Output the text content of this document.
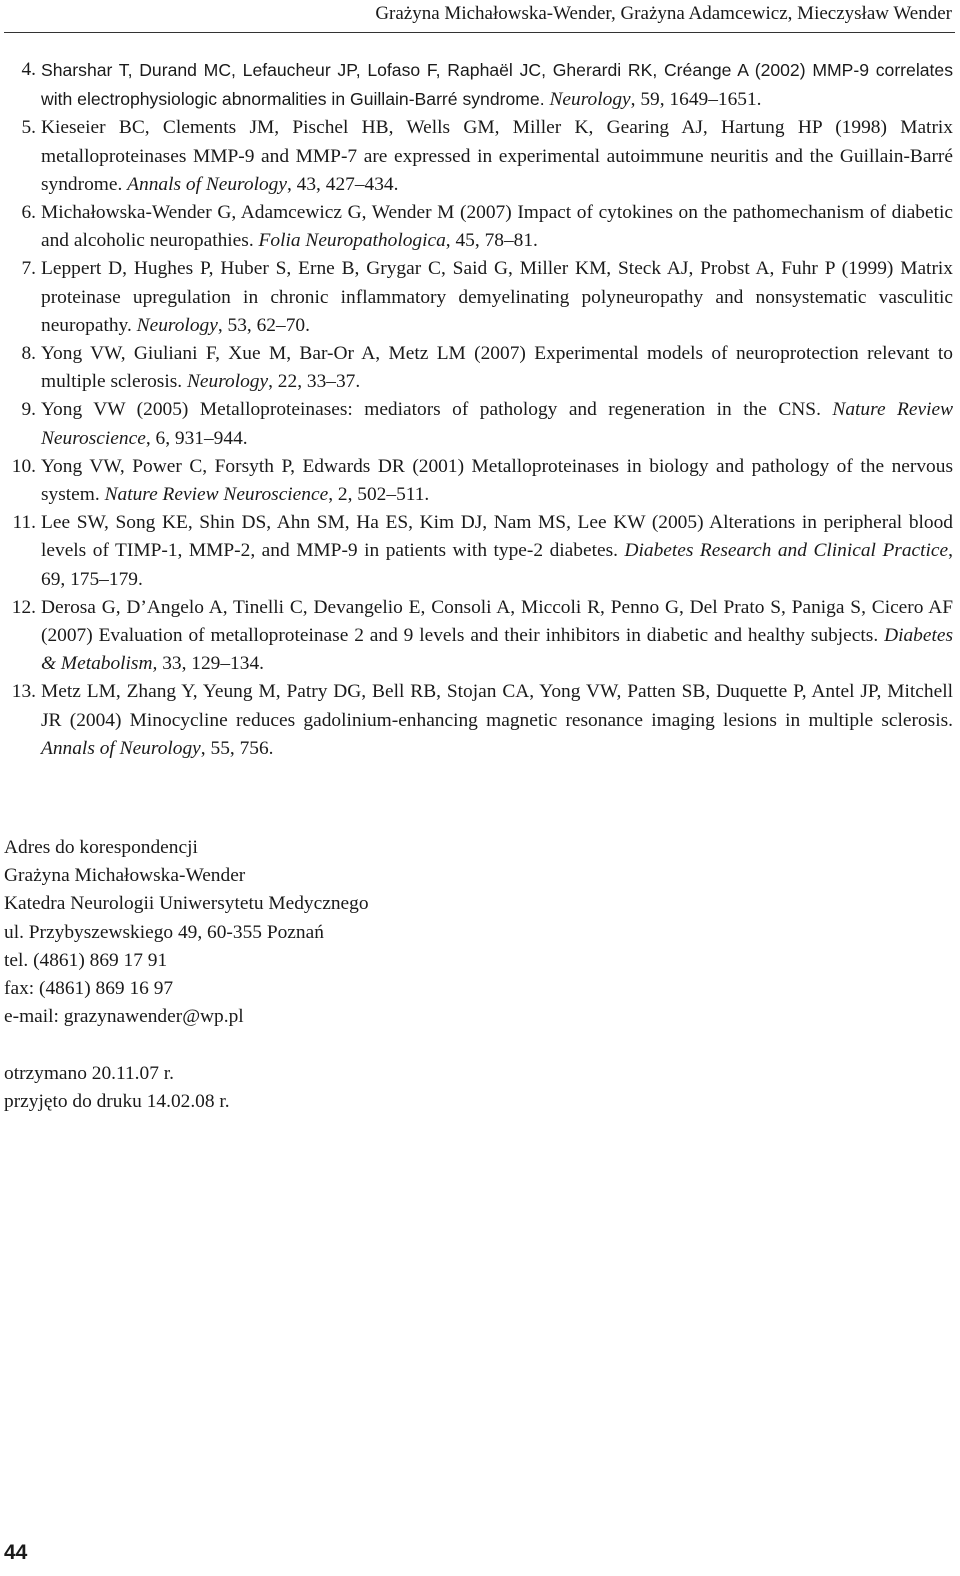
Grażyna Michałowska-Wender, Grażyna Adamcewicz, Mieczysław Wender
4. Sharshar T, Durand MC, Lefaucheur JP, Lofaso F, Raphaël JC, Gherardi RK, Créange A (2002) MMP-9 correlates with electrophysiologic abnormalities in Guillain-Barré syndrome. Neurology, 59, 1649–1651.
5. Kieseier BC, Clements JM, Pischel HB, Wells GM, Miller K, Gearing AJ, Hartung HP (1998) Matrix metalloproteinases MMP-9 and MMP-7 are expressed in experimental autoimmune neuritis and the Guillain-Barré syndrome. Annals of Neurology, 43, 427–434.
6. Michałowska-Wender G, Adamcewicz G, Wender M (2007) Impact of cytokines on the pathomechanism of diabetic and alcoholic neuropathies. Folia Neuropathologica, 45, 78–81.
7. Leppert D, Hughes P, Huber S, Erne B, Grygar C, Said G, Miller KM, Steck AJ, Probst A, Fuhr P (1999) Matrix proteinase upregulation in chronic inflammatory demyelinating polyneuropathy and nonsystematic vasculitic neuropathy. Neurology, 53, 62–70.
8. Yong VW, Giuliani F, Xue M, Bar-Or A, Metz LM (2007) Experimental models of neuroprotection relevant to multiple sclerosis. Neurology, 22, 33–37.
9. Yong VW (2005) Metalloproteinases: mediators of pathology and regeneration in the CNS. Nature Review Neuroscience, 6, 931–944.
10. Yong VW, Power C, Forsyth P, Edwards DR (2001) Metalloproteinases in biology and pathology of the nervous system. Nature Review Neuroscience, 2, 502–511.
11. Lee SW, Song KE, Shin DS, Ahn SM, Ha ES, Kim DJ, Nam MS, Lee KW (2005) Alterations in peripheral blood levels of TIMP-1, MMP-2, and MMP-9 in patients with type-2 diabetes. Diabetes Research and Clinical Practice, 69, 175–179.
12. Derosa G, D’Angelo A, Tinelli C, Devangelio E, Consoli A, Miccoli R, Penno G, Del Prato S, Paniga S, Cicero AF (2007) Evaluation of metalloproteinase 2 and 9 levels and their inhibitors in diabetic and healthy subjects. Diabetes & Metabolism, 33, 129–134.
13. Metz LM, Zhang Y, Yeung M, Patry DG, Bell RB, Stojan CA, Yong VW, Patten SB, Duquette P, Antel JP, Mitchell JR (2004) Minocycline reduces gadolinium-enhancing magnetic resonance imaging lesions in multiple sclerosis. Annals of Neurology, 55, 756.
Adres do korespondencji
Grażyna Michałowska-Wender
Katedra Neurologii Uniwersytetu Medycznego
ul. Przybyszewskiego 49, 60-355 Poznań
tel. (4861) 869 17 91
fax: (4861) 869 16 97
e-mail: grazynawender@wp.pl
otrzymano 20.11.07 r.
przyjęto do druku 14.02.08 r.
44
